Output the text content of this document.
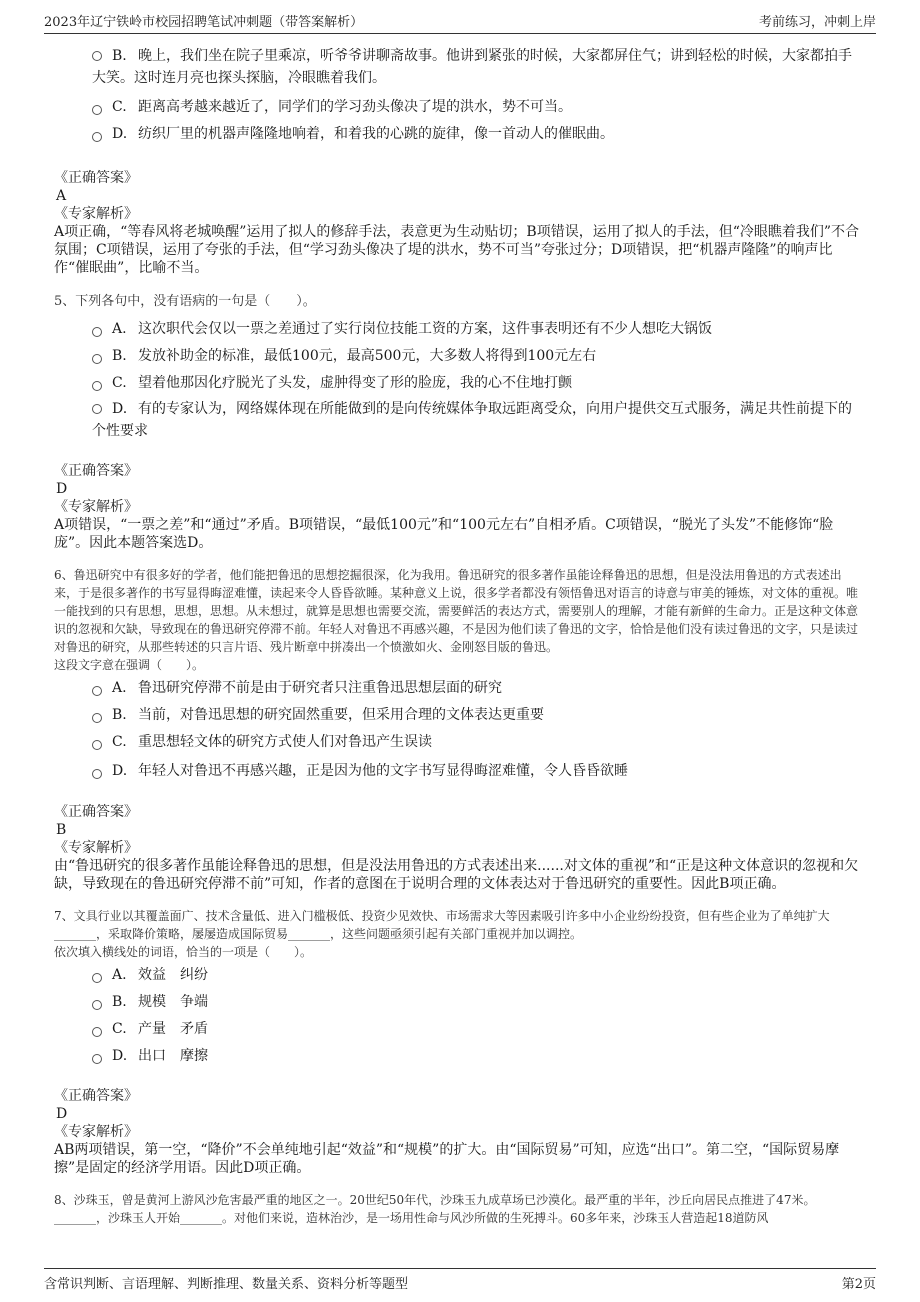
2023年辽宁铁岭市校园招聘笔试冲刺题（带答案解析）	考前练习，冲刺上岸
B. 晚上，我们坐在院子里乘凉，听爷爷讲聊斋故事。他讲到紧张的时候，大家都屏住气；讲到轻松的时候，大家都拍手大笑。这时连月亮也探头探脑，冷眼瞧着我们。
C. 距离高考越来越近了，同学们的学习劲头像决了堤的洪水，势不可当。
D. 纺织厂里的机器声隆隆地响着，和着我的心跳的旋律，像一首动人的催眠曲。

《正确答案》

A

《专家解析》

A项正确，“等春风将老城唤醒”运用了拟人的修辞手法，表意更为生动贴切；B项错误，运用了拟人的手法，但“冷眼瞧着我们”不合氛围；C项错误，运用了夸张的手法，但“学习劲头像决了堤的洪水，势不可当”夸张过分；D项错误，把“机器声隆隆”的响声比作“催眠曲”，比喻不当。

5、下列各句中，没有语病的一句是（　　）。

A. 这次职代会仅以一票之差通过了实行岗位技能工资的方案，这件事表明还有不少人想吃大锅饭
B. 发放补助金的标准，最低100元，最高500元，大多数人将得到100元左右
C. 望着他那因化疗脱光了头发，虚肿得变了形的脸庞，我的心不住地打颤
D. 有的专家认为，网络媒体现在所能做到的是向传统媒体争取远距离受众，向用户提供交互式服务，满足共性前提下的个性要求

《正确答案》

D

《专家解析》

A项错误，“一票之差”和“通过”矛盾。B项错误，“最低100元”和“100元左右”自相矛盾。C项错误，“脱光了头发”不能修饰“脸庞”。因此本题答案选D。

6、鲁迅研究中有很多好的学者，他们能把鲁迅的思想挖掘很深，化为我用。鲁迅研究的很多著作虽能诠释鲁迅的思想，但是没法用鲁迅的方式表述出来，于是很多著作的书写显得晦涩难懂，读起来令人昏昏欲睡。某种意义上说，很多学者都没有领悟鲁迅对语言的诗意与审美的锤炼，对文体的重视。唯一能找到的只有思想，思想，思想。从未想过，就算是思想也需要交流，需要鲜活的表达方式，需要别人的理解，才能有新鲜的生命力。正是这种文体意识的忽视和欠缺，导致现在的鲁迅研究停滞不前。年轻人对鲁迅不再感兴趣，不是因为他们读了鲁迅的文字，恰恰是他们没有读过鲁迅的文字，只是读过对鲁迅的研究，从那些转述的只言片语、残片断章中拼凑出一个愤激如火、金刚怒目版的鲁迅。

这段文字意在强调（　　）。

A. 鲁迅研究停滞不前是由于研究者只注重鲁迅思想层面的研究
B. 当前，对鲁迅思想的研究固然重要，但采用合理的文体表达更重要
C. 重思想轻文体的研究方式使人们对鲁迅产生误读
D. 年轻人对鲁迅不再感兴趣，正是因为他的文字书写显得晦涩难懂，令人昏昏欲睡

《正确答案》

B

《专家解析》

由“鲁迅研究的很多著作虽能诠释鲁迅的思想，但是没法用鲁迅的方式表述出来......对文体的重视”和“正是这种文体意识的忽视和欠缺，导致现在的鲁迅研究停滞不前”可知，作者的意图在于说明合理的文体表达对于鲁迅研究的重要性。因此B项正确。

7、文具行业以其覆盖面广、技术含量低、进入门槛极低、投资少见效快、市场需求大等因素吸引许多中小企业纷纷投资，但有些企业为了单纯扩大_______，采取降价策略，屡屡造成国际贸易_______，这些问题亟须引起有关部门重视并加以调控。

依次填入横线处的词语，恰当的一项是（　　）。

A. 效益　纠纷
B. 规模　争端
C. 产量　矛盾
D. 出口　摩擦

《正确答案》

D

《专家解析》

AB两项错误，第一空，“降价”不会单纯地引起“效益”和“规模”的扩大。由“国际贸易”可知，应选“出口”。第二空，“国际贸易摩擦”是固定的经济学用语。因此D项正确。

8、沙珠玉，曾是黄河上游风沙危害最严重的地区之一。20世纪50年代，沙珠玉九成草场已沙漠化。最严重的半年，沙丘向居民点推进了47米。_______，沙珠玉人开始_______。对他们来说，造林治沙，是一场用性命与风沙所做的生死搏斗。60多年来，沙珠玉人营造起18道防风

含常识判断、言语理解、判断推理、数量关系、资料分析等题型	第2页
